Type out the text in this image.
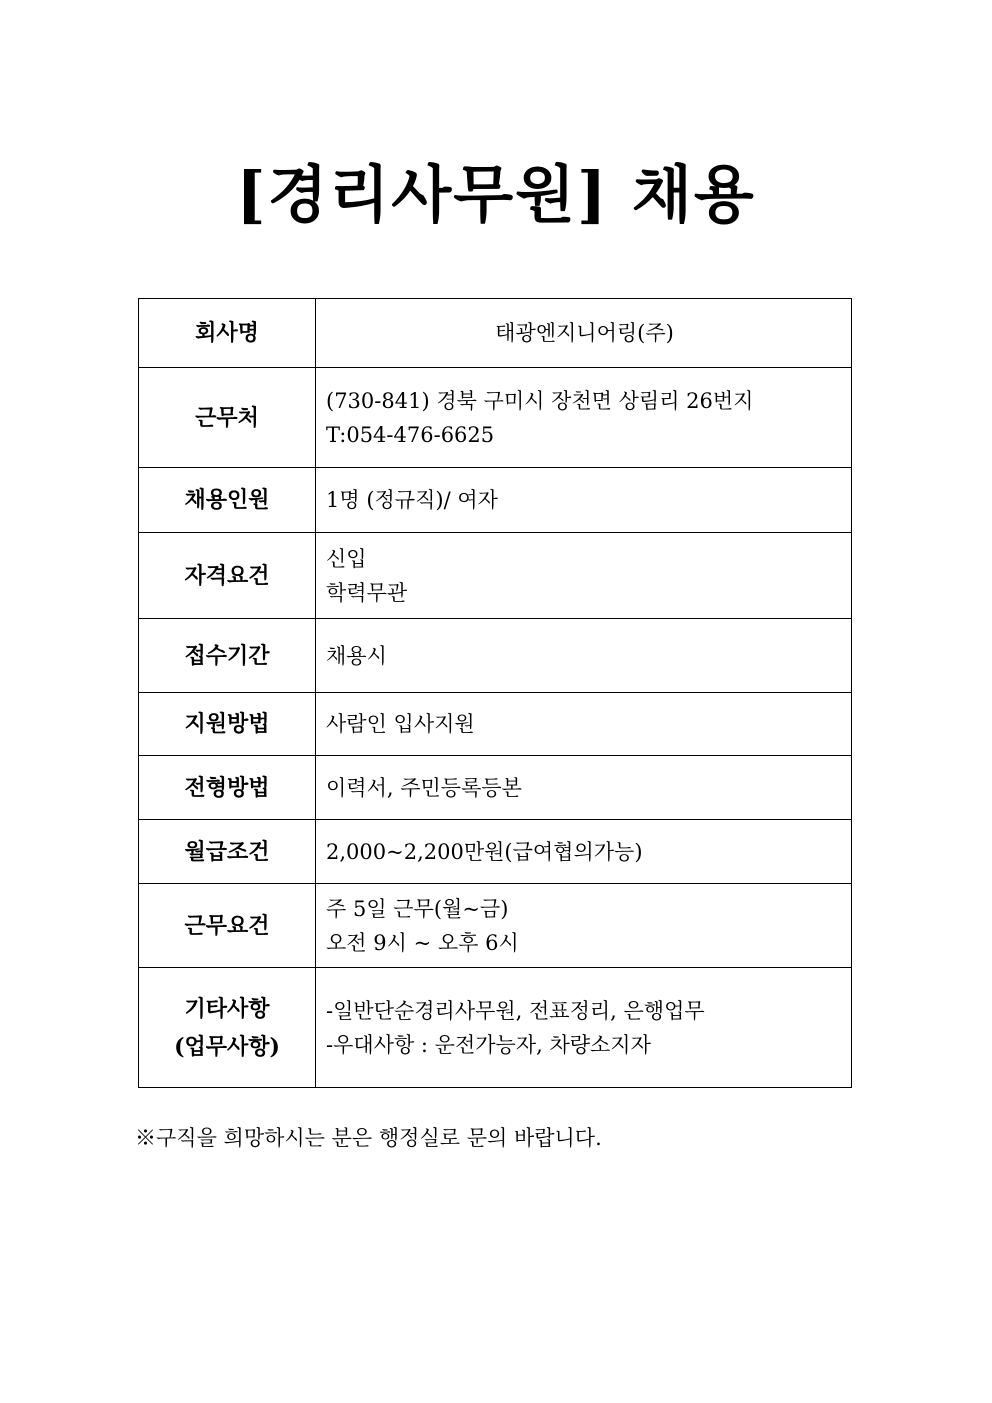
[경리사무원] 채용
회사명	태광엔지니어링(주)

근무처	(730-841) 경북 구미시 장천면 상림리 26번지
T:054-476-6625

채용인원	1명 (정규직)/ 여자

자격요건	신입
학력무관

접수기간	채용시

지원방법	사람인 입사지원

전형방법	이력서, 주민등록등본

월급조건	2,000~2,200만원(급여협의가능)

근무요건	주 5일 근무(월~금)
오전 9시 ~ 오후 6시

기타사항
(업무사항)	-일반단순경리사무원, 전표정리, 은행업무
-우대사항 : 운전가능자, 차량소지자
※구직을 희망하시는 분은 행정실로 문의 바랍니다.
